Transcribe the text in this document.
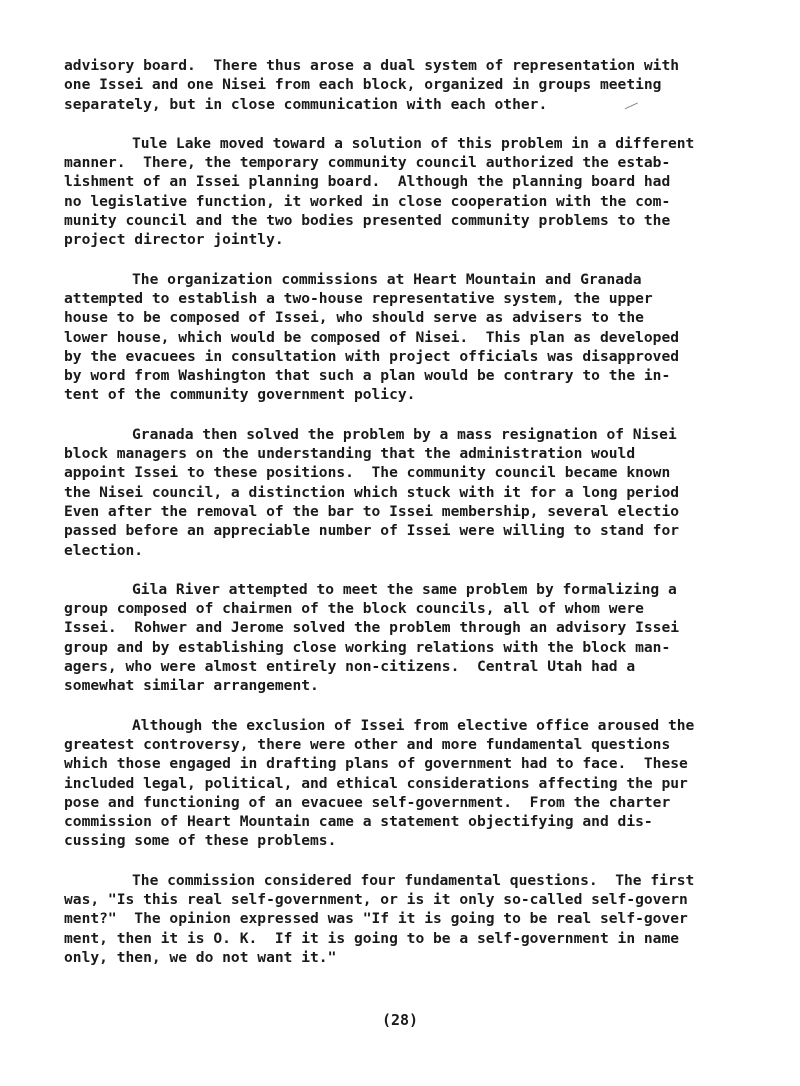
advisory board.  There thus arose a dual system of representation with
one Issei and one Nisei from each block, organized in groups meeting
separately, but in close communication with each other.
Tule Lake moved toward a solution of this problem in a different
manner.  There, the temporary community council authorized the estab-
lishment of an Issei planning board.  Although the planning board had
no legislative function, it worked in close cooperation with the com-
munity council and the two bodies presented community problems to the
project director jointly.
The organization commissions at Heart Mountain and Granada
attempted to establish a two-house representative system, the upper
house to be composed of Issei, who should serve as advisers to the
lower house, which would be composed of Nisei.  This plan as developed
by the evacuees in consultation with project officials was disapproved
by word from Washington that such a plan would be contrary to the in-
tent of the community government policy.
Granada then solved the problem by a mass resignation of Nisei
block managers on the understanding that the administration would
appoint Issei to these positions.  The community council became known
the Nisei council, a distinction which stuck with it for a long period
Even after the removal of the bar to Issei membership, several electio
passed before an appreciable number of Issei were willing to stand for
election.
Gila River attempted to meet the same problem by formalizing a
group composed of chairmen of the block councils, all of whom were
Issei.  Rohwer and Jerome solved the problem through an advisory Issei
group and by establishing close working relations with the block man-
agers, who were almost entirely non-citizens.  Central Utah had a
somewhat similar arrangement.
Although the exclusion of Issei from elective office aroused the
greatest controversy, there were other and more fundamental questions
which those engaged in drafting plans of government had to face.  These
included legal, political, and ethical considerations affecting the pur
pose and functioning of an evacuee self-government.  From the charter
commission of Heart Mountain came a statement objectifying and dis-
cussing some of these problems.
The commission considered four fundamental questions.  The first
was, "Is this real self-government, or is it only so-called self-govern
ment?"  The opinion expressed was "If it is going to be real self-gover
ment, then it is O. K.  If it is going to be a self-government in name
only, then, we do not want it."
(28)
